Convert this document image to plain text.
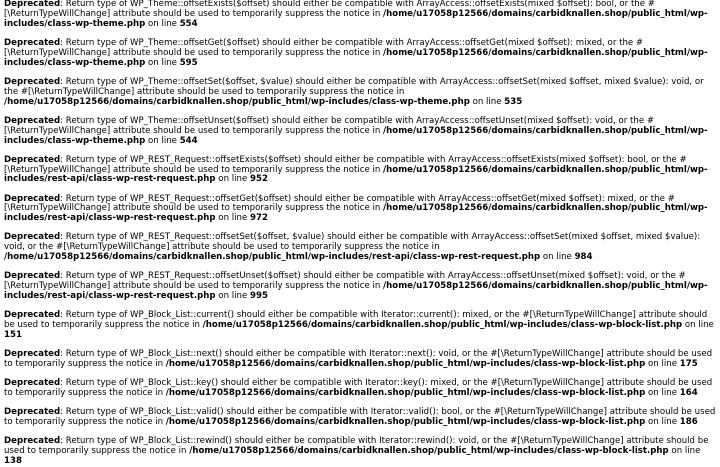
Deprecated: Return type of WP_Theme::offsetExists($offset) should either be compatible with ArrayAccess::offsetExists(mixed $offset): bool, or the #[\ReturnTypeWillChange] attribute should be used to temporarily suppress the notice in /home/u17058p12566/domains/carbidknallen.shop/public_html/wp-includes/class-wp-theme.php on line 554

Deprecated: Return type of WP_Theme::offsetGet($offset) should either be compatible with ArrayAccess::offsetGet(mixed $offset): mixed, or the #[\ReturnTypeWillChange] attribute should be used to temporarily suppress the notice in /home/u17058p12566/domains/carbidknallen.shop/public_html/wp-includes/class-wp-theme.php on line 595

Deprecated: Return type of WP_Theme::offsetSet($offset, $value) should either be compatible with ArrayAccess::offsetSet(mixed $offset, mixed $value): void, or the #[\ReturnTypeWillChange] attribute should be used to temporarily suppress the notice in /home/u17058p12566/domains/carbidknallen.shop/public_html/wp-includes/class-wp-theme.php on line 535

Deprecated: Return type of WP_Theme::offsetUnset($offset) should either be compatible with ArrayAccess::offsetUnset(mixed $offset): void, or the #[\ReturnTypeWillChange] attribute should be used to temporarily suppress the notice in /home/u17058p12566/domains/carbidknallen.shop/public_html/wp-includes/class-wp-theme.php on line 544

Deprecated: Return type of WP_REST_Request::offsetExists($offset) should either be compatible with ArrayAccess::offsetExists(mixed $offset): bool, or the #[\ReturnTypeWillChange] attribute should be used to temporarily suppress the notice in /home/u17058p12566/domains/carbidknallen.shop/public_html/wp-includes/rest-api/class-wp-rest-request.php on line 952

Deprecated: Return type of WP_REST_Request::offsetGet($offset) should either be compatible with ArrayAccess::offsetGet(mixed $offset): mixed, or the #[\ReturnTypeWillChange] attribute should be used to temporarily suppress the notice in /home/u17058p12566/domains/carbidknallen.shop/public_html/wp-includes/rest-api/class-wp-rest-request.php on line 972

Deprecated: Return type of WP_REST_Request::offsetSet($offset, $value) should either be compatible with ArrayAccess::offsetSet(mixed $offset, mixed $value): void, or the #[\ReturnTypeWillChange] attribute should be used to temporarily suppress the notice in /home/u17058p12566/domains/carbidknallen.shop/public_html/wp-includes/rest-api/class-wp-rest-request.php on line 984

Deprecated: Return type of WP_REST_Request::offsetUnset($offset) should either be compatible with ArrayAccess::offsetUnset(mixed $offset): void, or the #[\ReturnTypeWillChange] attribute should be used to temporarily suppress the notice in /home/u17058p12566/domains/carbidknallen.shop/public_html/wp-includes/rest-api/class-wp-rest-request.php on line 995

Deprecated: Return type of WP_Block_List::current() should either be compatible with Iterator::current(): mixed, or the #[\ReturnTypeWillChange] attribute should be used to temporarily suppress the notice in /home/u17058p12566/domains/carbidknallen.shop/public_html/wp-includes/class-wp-block-list.php on line 151

Deprecated: Return type of WP_Block_List::next() should either be compatible with Iterator::next(): void, or the #[\ReturnTypeWillChange] attribute should be used to temporarily suppress the notice in /home/u17058p12566/domains/carbidknallen.shop/public_html/wp-includes/class-wp-block-list.php on line 175

Deprecated: Return type of WP_Block_List::key() should either be compatible with Iterator::key(): mixed, or the #[\ReturnTypeWillChange] attribute should be used to temporarily suppress the notice in /home/u17058p12566/domains/carbidknallen.shop/public_html/wp-includes/class-wp-block-list.php on line 164

Deprecated: Return type of WP_Block_List::valid() should either be compatible with Iterator::valid(): bool, or the #[\ReturnTypeWillChange] attribute should be used to temporarily suppress the notice in /home/u17058p12566/domains/carbidknallen.shop/public_html/wp-includes/class-wp-block-list.php on line 186

Deprecated: Return type of WP_Block_List::rewind() should either be compatible with Iterator::rewind(): void, or the #[\ReturnTypeWillChange] attribute should be used to temporarily suppress the notice in /home/u17058p12566/domains/carbidknallen.shop/public_html/wp-includes/class-wp-block-list.php on line 138
